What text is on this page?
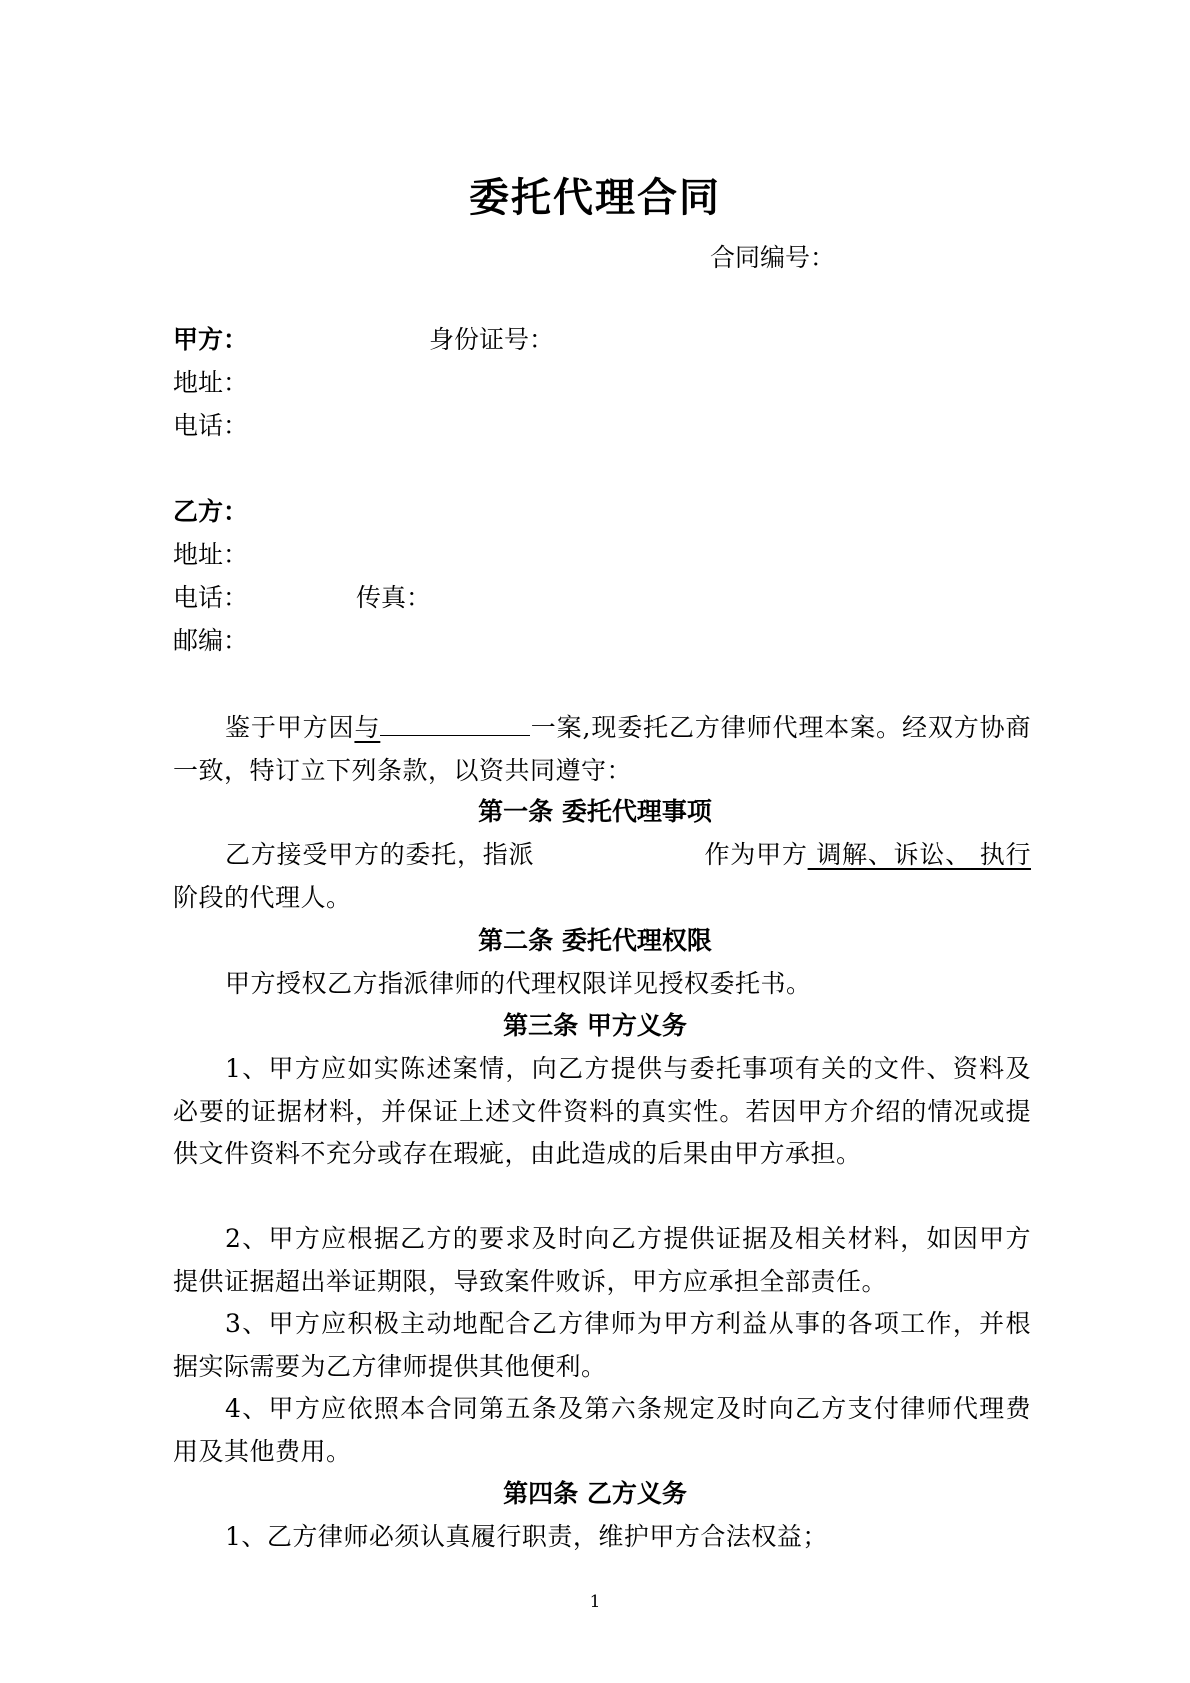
委托代理合同
合同编号：
甲方：	身份证号：
地址：
电话：
乙方：
地址：
电话：	传真：
邮编：
鉴于甲方因与	一案,现委托乙方律师代理本案。经双方协商一致，特订立下列条款，以资共同遵守：
第一条 委托代理事项
乙方接受甲方的委托，指派	作为甲方 调解、诉讼、 执行 阶段的代理人。
第二条 委托代理权限
甲方授权乙方指派律师的代理权限详见授权委托书。
第三条 甲方义务
1、甲方应如实陈述案情，向乙方提供与委托事项有关的文件、资料及必要的证据材料，并保证上述文件资料的真实性。若因甲方介绍的情况或提供文件资料不充分或存在瑕疵，由此造成的后果由甲方承担。
2、甲方应根据乙方的要求及时向乙方提供证据及相关材料，如因甲方提供证据超出举证期限，导致案件败诉，甲方应承担全部责任。
3、甲方应积极主动地配合乙方律师为甲方利益从事的各项工作，并根据实际需要为乙方律师提供其他便利。
4、甲方应依照本合同第五条及第六条规定及时向乙方支付律师代理费用及其他费用。
第四条 乙方义务
1、乙方律师必须认真履行职责，维护甲方合法权益；
1
